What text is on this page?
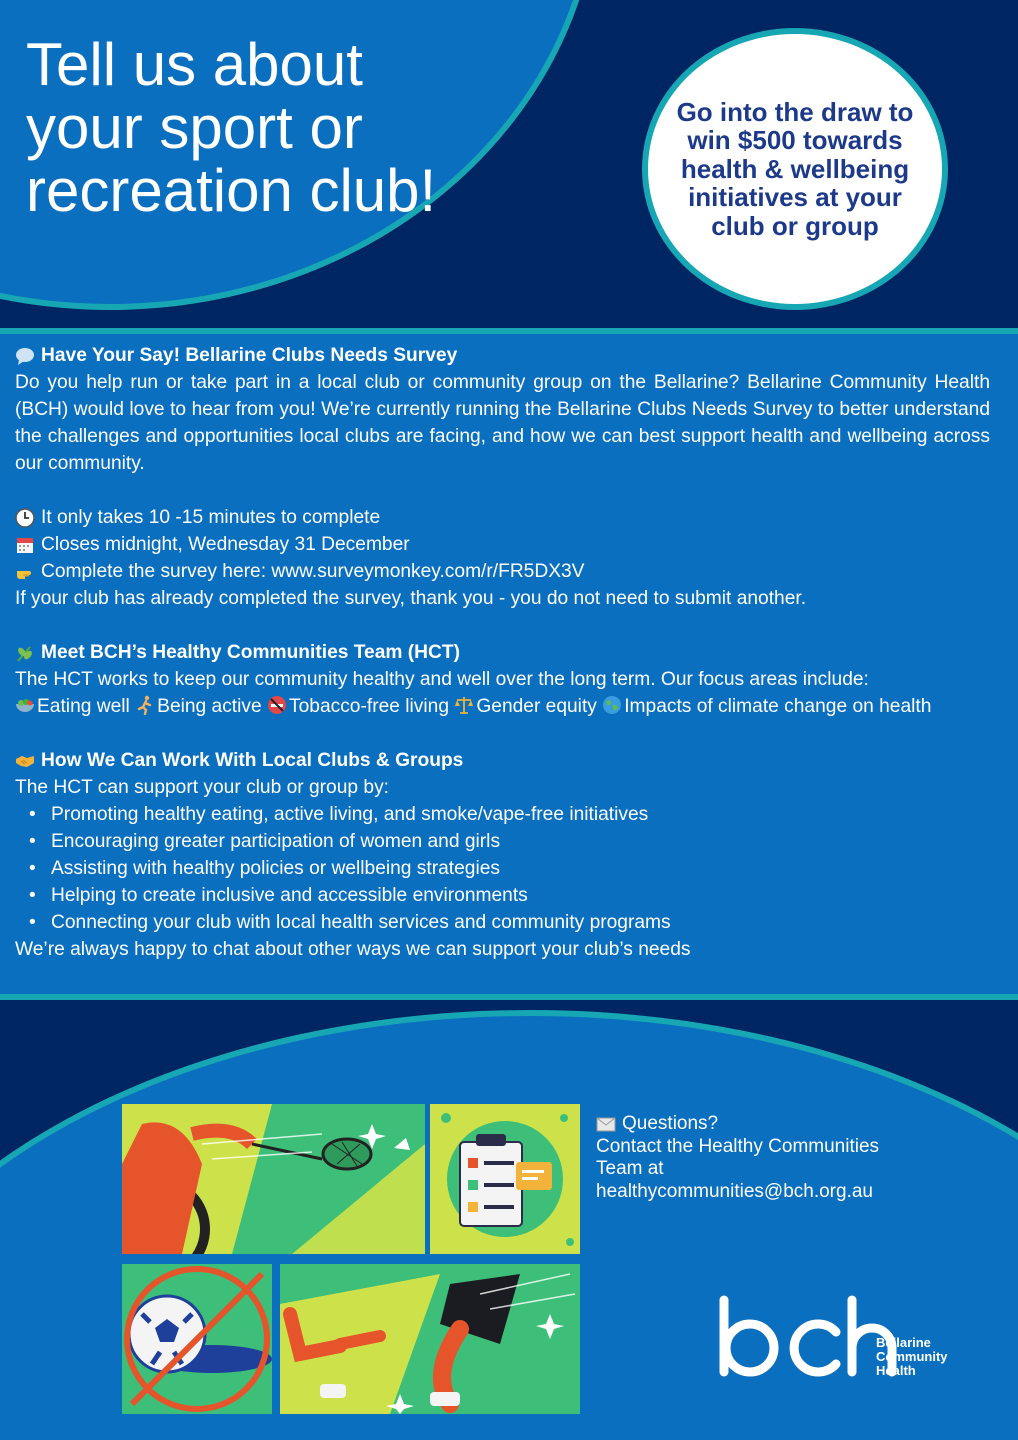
Tell us about
your sport or
recreation club!
Go into the draw to
win $500 towards
health & wellbeing
initiatives at your
club or group
Have Your Say! Bellarine Clubs Needs Survey
Do you help run or take part in a local club or community group on the Bellarine? Bellarine Community Health (BCH) would love to hear from you! We’re currently running the Bellarine Clubs Needs Survey to better understand the challenges and opportunities local clubs are facing, and how we can best support health and wellbeing across our community.
It only takes 10 -15 minutes to complete
Closes midnight, Wednesday 31 December
Complete the survey here: www.surveymonkey.com/r/FR5DX3V
If your club has already completed the survey, thank you - you do not need to submit another.
Meet BCH’s Healthy Communities Team (HCT)
The HCT works to keep our community healthy and well over the long term. Our focus areas include:
Eating well Being active Tobacco-free living Gender equity Impacts of climate change on health
How We Can Work With Local Clubs & Groups
The HCT can support your club or group by:
• Promoting healthy eating, active living, and smoke/vape-free initiatives
• Encouraging greater participation of women and girls
• Assisting with healthy policies or wellbeing strategies
• Helping to create inclusive and accessible environments
• Connecting your club with local health services and community programs
We’re always happy to chat about other ways we can support your club’s needs
Questions?
Contact the Healthy Communities
Team at
healthycommunities@bch.org.au
Bellarine
Community
Health
